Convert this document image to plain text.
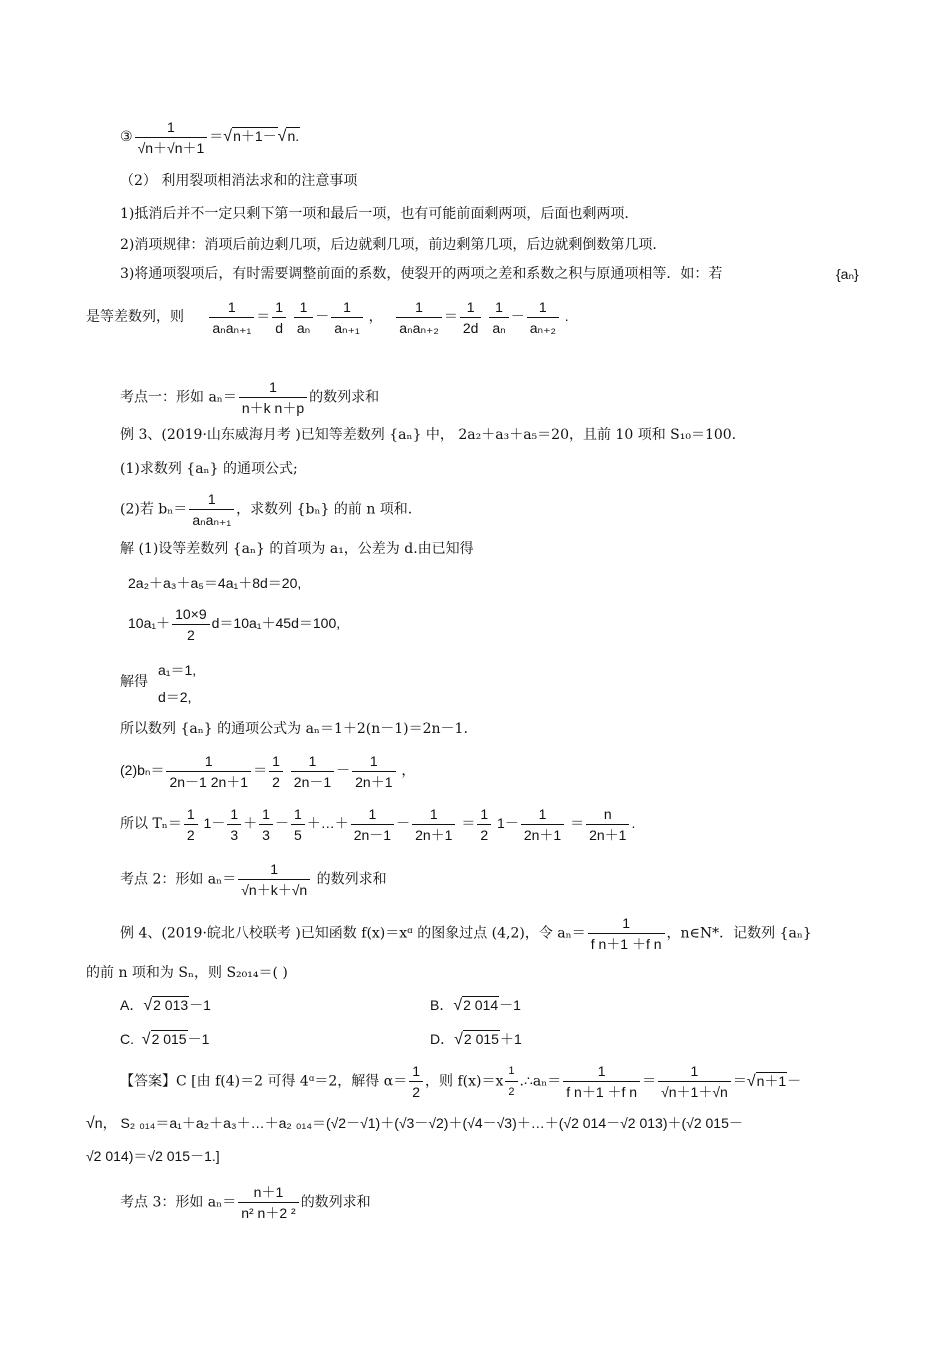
③ $\frac{1}{√n+√n+1} =√n+1-√n$.
（2） 利用裂项相消法求和的注意事项
1)抵消后并不一定只剩下第一项和最后一项，也有可能前面剩两项，后面也剩两项.
2)消项规律：消项后前边剩几项，后边就剩几项，前边剩第几项，后边就剩倒数第几项.
3)将通项裂项后，有时需要调整前面的系数，使裂开的两项之差和系数之积与原通项相等．如：若	{aₙ}
是等差数列，则 $\frac{1}{\text{aₙaₙ₊₁}} = \frac{1}{d}$
$\frac{1}{\text{aₙ}} - \frac{1}{\text{aₙ₊₁}}$ ， $\frac{1}{\text{aₙaₙ₊₂}} = \frac{1}{2d}$
$\frac{1}{\text{aₙ}} - \frac{1}{\text{aₙ₊₂}}$ .
考点一：形如 $a_n= \frac{1}{\text{n＋k n＋p}}$ 的数列求和
例 3、(2019·山东威海月考 )已知等差数列 {aₙ} 中， 2a₂＋a₃＋a₅＝20，且前 10 项和 S₁₀＝100.
(1)求数列 {aₙ} 的通项公式;
(2)若 $b_n= \frac{1}{\text{aₙaₙ₊₁}}$ ，求数列 {bₙ} 的前 n 项和.
解 (1)设等差数列 {aₙ} 的首项为 a₁，公差为 d.由已知得
2a₂＋a₃＋a₅＝4a₁＋8d＝20,
$10a_1+ \frac{10\times 9}{2} d=10a_1+45d=100$,
解得
a₁＝1,
d＝2,
所以数列 {aₙ} 的通项公式为 aₙ＝1＋2(n－1)＝2n－1.
$(2)b_n= \frac{1}{2n-1 2n+1} = \frac{1}{2}$
$\frac{1}{2n-1} - \frac{1}{2n+1}$ ，
所以 $T_n= \frac{1}{2} 1- \frac{1}{3} + \frac{1}{3} - \frac{1}{5}$ ＋…＋ $\frac{1}{2n-1} - \frac{1}{2n+1} = \frac{1}{2} 1- \frac{1}{2n+1} = \frac{n}{2n+1}$ .
考点 2：形如 $a_n= \frac{1}{√n+k+√n}$ 的数列求和
例 4、(2019·皖北八校联考 )已知函数 f(x)＝xᵅ 的图象过点 (4,2)，令 $a_n= \frac{1}{\text{f n＋1 ＋f n}}$ ，n∈N*．记数列 {aₙ}
的前 n 项和为 Sₙ，则 S₂₀₁₄＝( )
A．√2 013－1	B．√2 014－1
C. √2 015－1	D．√2 015＋1
【答案】C [由 f(4)＝2 可得 4ᵅ＝2，解得 $\alpha= \frac{1}{2}$ ，则 $f(x)=x \frac{1}{2}$ .∴aₙ＝ $\frac{1}{\text{f n＋1 ＋f n}} = \frac{1}{√n+1+√n} =√n+1-$
√n， S₂ ₀₁₄＝a₁＋a₂＋a₃＋…＋a₂ ₀₁₄＝(√2－√1)＋(√3－√2)＋(√4－√3)＋…＋(√2 014－√2 013)＋(√2 015－
√2 014)＝√2 015－1.]
考点 3：形如 $a_n= \frac{n+1}{\text{n² n＋2 ²}}$ 的数列求和
